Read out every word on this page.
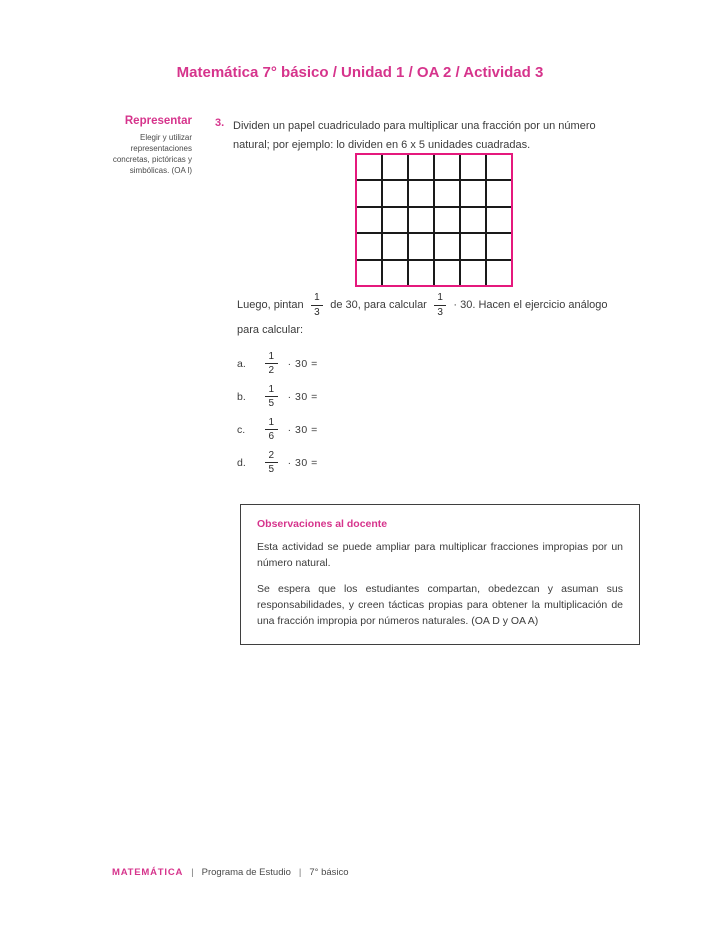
Matemática 7° básico / Unidad 1 / OA 2 / Actividad 3
Representar
Elegir y utilizar
representaciones
concretas, pictóricas y
simbólicas. (OA l)
3. Dividen un papel cuadriculado para multiplicar una fracción por un número
natural; por ejemplo: lo dividen en 6 x 5 unidades cuadradas.
Luego, pintan $\frac{1}{3}$ de 30, para calcular $\frac{1}{3} \cdot 30$. Hacen el ejercicio análogo
para calcular:
a.	$\frac{1}{2} \cdot 30$ =
b.	$\frac{1}{5} \cdot 30$ =
c.	$\frac{1}{6} \cdot 30$ =
d.	$\frac{2}{5} \cdot 30$ =
Observaciones al docente

Esta actividad se puede ampliar para multiplicar fracciones impropias por un número natural.

Se espera que los estudiantes compartan, obedezcan y asuman sus responsabilidades, y creen tácticas propias para obtener la multiplicación de una fracción impropia por números naturales. (OA D y OA A)

MATEMÁTICA | Programa de Estudio | 7° básico
